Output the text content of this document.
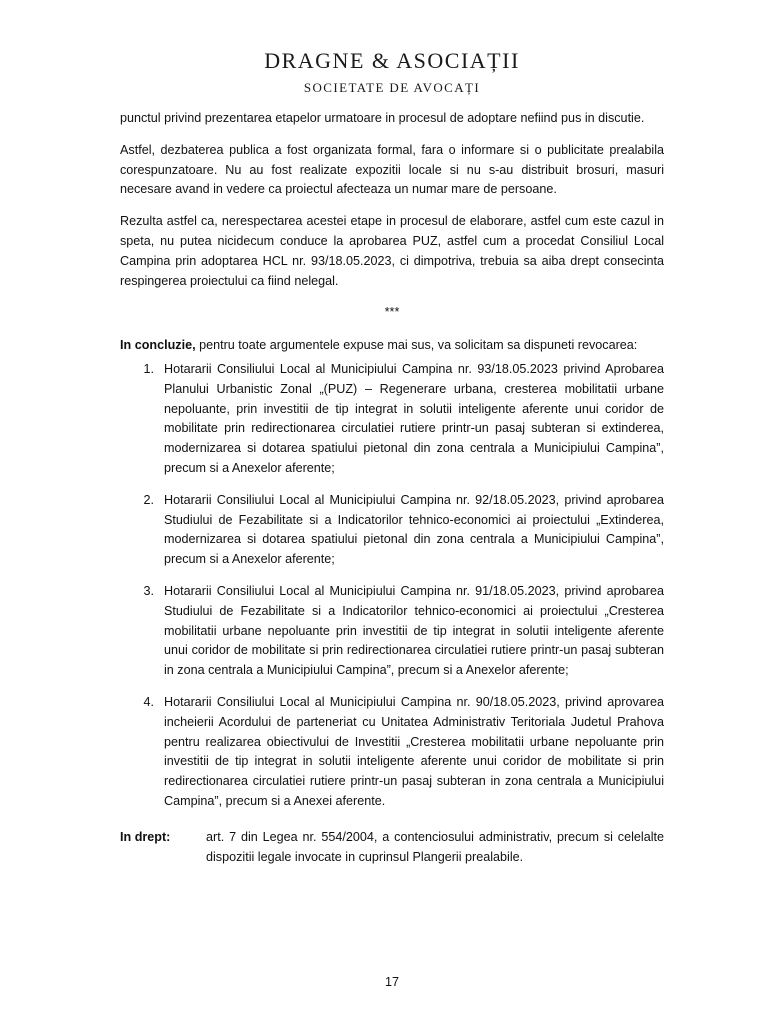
DRAGNE & ASOCIAȚII
SOCIETATE DE AVOCAȚI

punctul privind prezentarea etapelor urmatoare in procesul de adoptare nefiind pus in discutie.

Astfel, dezbaterea publica a fost organizata formal, fara o informare si o publicitate prealabila corespunzatoare. Nu au fost realizate expozitii locale si nu s-au distribuit brosuri, masuri necesare avand in vedere ca proiectul afecteaza un numar mare de persoane.

Rezulta astfel ca, nerespectarea acestei etape in procesul de elaborare, astfel cum este cazul in speta, nu putea nicidecum conduce la aprobarea PUZ, astfel cum a procedat Consiliul Local Campina prin adoptarea HCL nr. 93/18.05.2023, ci dimpotriva, trebuia sa aiba drept consecinta respingerea proiectului ca fiind nelegal.

***

In concluzie, pentru toate argumentele expuse mai sus, va solicitam sa dispuneti revocarea:

1. Hotararii Consiliului Local al Municipiului Campina nr. 93/18.05.2023 privind Aprobarea Planului Urbanistic Zonal „(PUZ) – Regenerare urbana, cresterea mobilitatii urbane nepoluante, prin investitii de tip integrat in solutii inteligente aferente unui coridor de mobilitate prin redirectionarea circulatiei rutiere printr-un pasaj subteran si extinderea, modernizarea si dotarea spatiului pietonal din zona centrala a Municipiului Campina”, precum si a Anexelor aferente;
2. Hotararii Consiliului Local al Municipiului Campina nr. 92/18.05.2023, privind aprobarea Studiului de Fezabilitate si a Indicatorilor tehnico-economici ai proiectului „Extinderea, modernizarea si dotarea spatiului pietonal din zona centrala a Municipiului Campina”, precum si a Anexelor aferente;
3. Hotararii Consiliului Local al Municipiului Campina nr. 91/18.05.2023, privind aprobarea Studiului de Fezabilitate si a Indicatorilor tehnico-economici ai proiectului „Cresterea mobilitatii urbane nepoluante prin investitii de tip integrat in solutii inteligente aferente unui coridor de mobilitate si prin redirectionarea circulatiei rutiere printr-un pasaj subteran in zona centrala a Municipiului Campina”, precum si a Anexelor aferente;
4. Hotararii Consiliului Local al Municipiului Campina nr. 90/18.05.2023, privind aprovarea incheierii Acordului de parteneriat cu Unitatea Administrativ Teritoriala Judetul Prahova pentru realizarea obiectivului de Investitii „Cresterea mobilitatii urbane nepoluante prin investitii de tip integrat in solutii inteligente aferente unui coridor de mobilitate si prin redirectionarea circulatiei rutiere printr-un pasaj subteran in zona centrala a Municipiului Campina”, precum si a Anexei aferente.
In drept:	art. 7 din Legea nr. 554/2004, a contenciosului administrativ, precum si celelalte dispozitii legale invocate in cuprinsul Plangerii prealabile.
17
